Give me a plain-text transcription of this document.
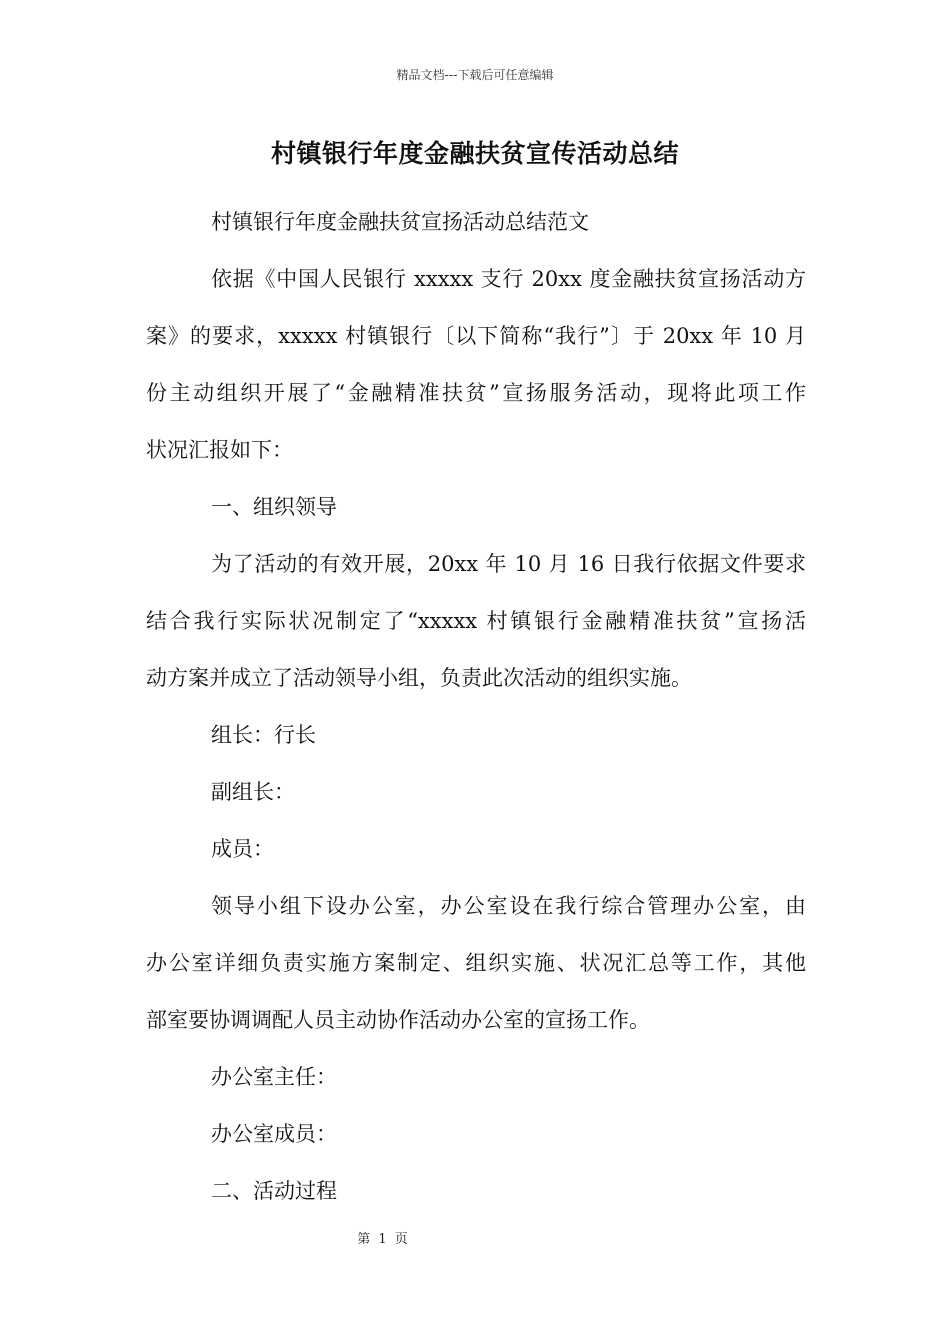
精品文档---下载后可任意编辑
村镇银行年度金融扶贫宣传活动总结
村镇银行年度金融扶贫宣扬活动总结范文
依据《中国人民银行 xxxxx 支行 20xx 度金融扶贫宣扬活动方
案》的要求，xxxxx 村镇银行〔以下简称“我行”〕于 20xx 年 10 月
份主动组织开展了“金融精准扶贫”宣扬服务活动，现将此项工作
状况汇报如下：
一、组织领导
为了活动的有效开展，20xx 年 10 月 16 日我行依据文件要求
结合我行实际状况制定了“xxxxx 村镇银行金融精准扶贫”宣扬活
动方案并成立了活动领导小组，负责此次活动的组织实施。
组长：行长
副组长：
成员：
领导小组下设办公室，办公室设在我行综合管理办公室，由
办公室详细负责实施方案制定、组织实施、状况汇总等工作，其他
部室要协调调配人员主动协作活动办公室的宣扬工作。
办公室主任：
办公室成员：
二、活动过程
第 1 页
